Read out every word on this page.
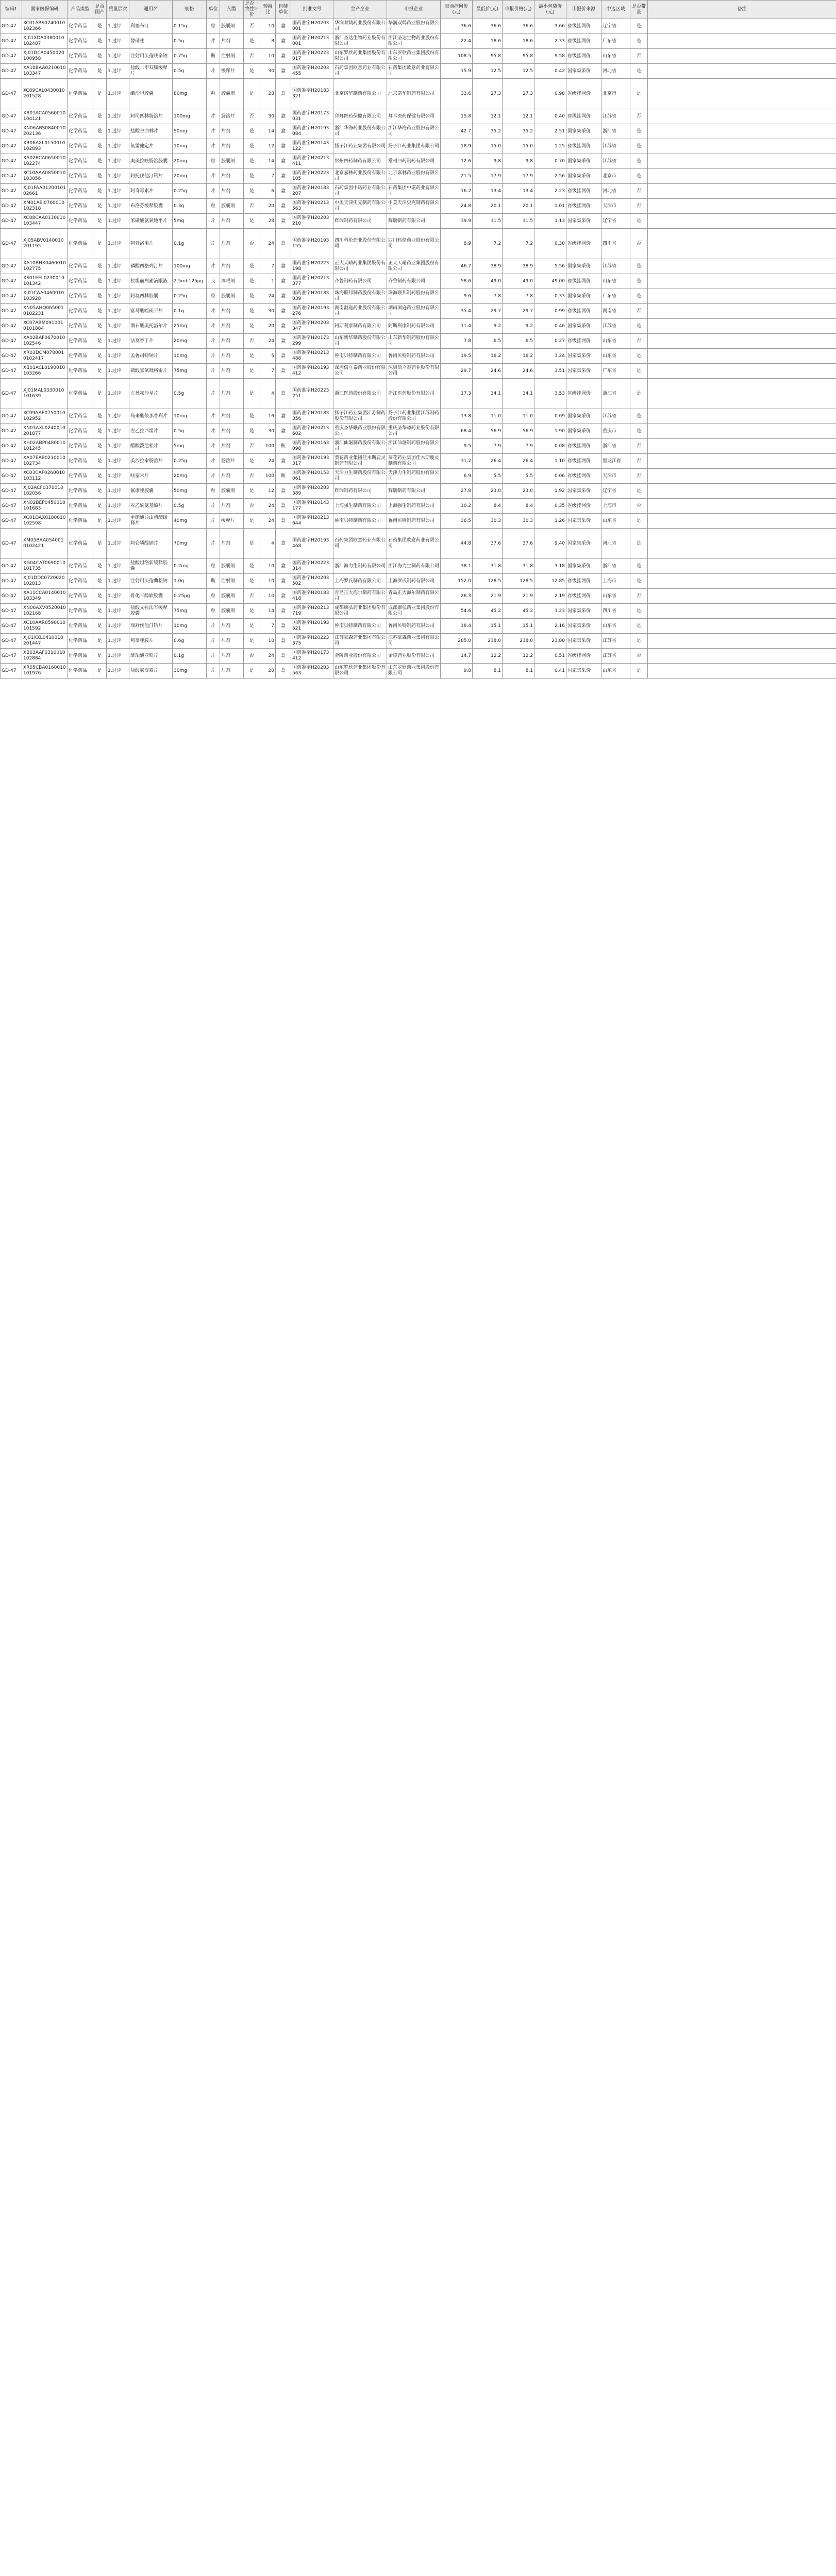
编码1	国家医保编码	产品类型	是否国产	质量层次	通用名	规格	单位	剂型	是否一致性评价	转换比	包装单位	批准文号	生产企业	申报企业	目前挂网价(元)	最低价(元)	申报价格(元)	最小包装价(元)	申报价来源	中选区域	是否带量	备注
GD-47	XC01ABS0740010102366	化学药品	是	1.过评	利福布汀	0.15g	粒	胶囊剂	否	10	盒	国药准字H20203001	华润双鹤药业股份有限公司	华润双鹤药业股份有限公司	36.6	36.6	36.6	3.66	省级挂网价	辽宁省	是	
GD-47	XJ01XDA0380010102487	化学药品	是	1.过评	替硝唑	0.5g	片	片剂	是	8	盒	国药准字H20213001	浙江圣达生物药业股份有限公司	浙江圣达生物药业股份有限公司	22.4	18.6	18.6	2.33	省级挂网价	广东省	是	
GD-47	XJ01DCA0450020100958	化学药品	是	1.过评	注射用头孢呋辛钠	0.75g	瓶	注射剂	否	10	盒	国药准字H20223017	山东罗欣药业集团股份有限公司	山东罗欣药业集团股份有限公司	108.5	95.8	95.8	9.58	省级挂网价	山东省	否	
GD-47	XA10BAA0210010103347	化学药品	是	1.过评	盐酸二甲双胍缓释片	0.5g	片	缓释片	是	30	盒	国药准字H20203455	石药集团欧意药业有限公司	石药集团欧意药业有限公司	15.9	12.5	12.5	0.42	国家集采价	河北省	是	
GD-47	XC09CAL0430010201528	化学药品	是	1.过评	缬沙坦胶囊	80mg	粒	胶囊剂	是	28	盒	国药准字H20183321	北京诺华制药有限公司	北京诺华制药有限公司	33.6	27.3	27.3	0.98	省级挂网价	北京市	是	
GD-47	XB01ACA0560010104121	化学药品	是	1.过评	阿司匹林肠溶片	100mg	片	肠溶片	否	30	盒	国药准字H20173031	拜耳医药保健有限公司	拜耳医药保健有限公司	15.8	12.1	12.1	0.40	省级挂网价	江苏省	否	
GD-47	XN06ABS0840010202136	化学药品	是	1.过评	盐酸舍曲林片	50mg	片	片剂	是	14	盒	国药准字H20193084	浙江华海药业股份有限公司	浙江华海药业股份有限公司	42.7	35.2	35.2	2.51	国家集采价	浙江省	是	
GD-47	XR06AXL0150010102893	化学药品	是	1.过评	氯雷他定片	10mg	片	片剂	是	12	盒	国药准字H20143122	扬子江药业集团有限公司	扬子江药业集团有限公司	18.9	15.0	15.0	1.25	省级挂网价	江苏省	是	
GD-47	XA02BCA0650010102274	化学药品	是	1.过评	奥美拉唑肠溶胶囊	20mg	粒	胶囊剂	是	14	盒	国药准字H20213411	常州四药制药有限公司	常州四药制药有限公司	12.6	9.8	9.8	0.70	国家集采价	江苏省	是	
GD-47	XC10AAA0850010103056	化学药品	是	1.过评	阿托伐他汀钙片	20mg	片	片剂	是	7	盒	国药准字H20223105	北京嘉林药业股份有限公司	北京嘉林药业股份有限公司	21.5	17.9	17.9	2.56	国家集采价	北京市	是	
GD-47	XJ01FAA0120010102661	化学药品	是	1.过评	阿奇霉素片	0.25g	片	片剂	是	6	盒	国药准字H20183207	石药集团中诺药业有限公司	石药集团中诺药业有限公司	16.2	13.4	13.4	2.23	省级挂网价	河北省	否	
GD-47	XM01AEI0700010102318	化学药品	是	1.过评	布洛芬缓释胶囊	0.3g	粒	胶囊剂	否	20	盒	国药准字H20213563	中美天津史克制药有限公司	中美天津史克制药有限公司	24.8	20.1	20.1	1.01	省级挂网价	天津市	否	
GD-47	XC08CAA0130010103447	化学药品	是	1.过评	苯磺酸氨氯地平片	5mg	片	片剂	是	28	盒	国药准字H20203210	辉瑞制药有限公司	辉瑞制药有限公司	39.9	31.5	31.5	1.13	国家集采价	辽宁省	是	
GD-47	XJ05ABV0140010201195	化学药品	是	1.过评	阿昔洛韦片	0.1g	片	片剂	否	24	盒	国药准字H20193155	四川科伦药业股份有限公司	四川科伦药业股份有限公司	8.9	7.2	7.2	0.30	省级挂网价	四川省	否	
GD-47	XA10BHX0460010102775	化学药品	是	1.过评	磷酸西格列汀片	100mg	片	片剂	是	7	盒	国药准字H20223198	正大天晴药业集团股份有限公司	正大天晴药业集团股份有限公司	46.7	38.9	38.9	5.56	国家集采价	江苏省	是	
GD-47	XS01EEL0230010101342	化学药品	是	1.过评	拉坦前列素滴眼液	2.5ml:125μg	支	滴眼剂	是	1	盒	国药准字H20213377	齐鲁制药有限公司	齐鲁制药有限公司	58.6	49.0	49.0	49.00	省级挂网价	山东省	是	
GD-47	XJ01CAA0460010103928	化学药品	是	1.过评	阿莫西林胶囊	0.25g	粒	胶囊剂	是	24	盒	国药准字H20183039	珠海联邦制药股份有限公司	珠海联邦制药股份有限公司	9.6	7.8	7.8	0.33	国家集采价	广东省	是	
GD-47	XN05AHQ0650010102231	化学药品	是	1.过评	富马酸喹硫平片	0.1g	片	片剂	是	30	盒	国药准字H20193276	湖南洞庭药业股份有限公司	湖南洞庭药业股份有限公司	35.4	29.7	29.7	0.99	省级挂网价	湖南省	否	
GD-47	XC07ABM0910010101884	化学药品	是	1.过评	酒石酸美托洛尔片	25mg	片	片剂	是	20	盒	国药准字H20203347	阿斯利康制药有限公司	阿斯利康制药有限公司	11.4	9.2	9.2	0.46	国家集采价	江苏省	是	
GD-47	XA02BAF0670010102546	化学药品	是	1.过评	法莫替丁片	20mg	片	片剂	否	24	盒	国药准字H20173299	山东新华制药股份有限公司	山东新华制药股份有限公司	7.8	6.5	6.5	0.27	省级挂网价	山东省	否	
GD-47	XR03DCM0780010102417	化学药品	是	1.过评	孟鲁司特钠片	10mg	片	片剂	是	5	盒	国药准字H20213488	鲁南贝特制药有限公司	鲁南贝特制药有限公司	19.5	16.2	16.2	3.24	国家集采价	山东省	是	
GD-47	XB01ACL0190010103266	化学药品	是	1.过评	硫酸氢氯吡格雷片	75mg	片	片剂	是	7	盒	国药准字H20193412	深圳信立泰药业股份有限公司	深圳信立泰药业股份有限公司	29.7	24.6	24.6	3.51	国家集采价	广东省	是	
GD-47	XJ01MAL0330010101639	化学药品	是	1.过评	左氧氟沙星片	0.5g	片	片剂	是	4	盒	国药准字H20223251	浙江医药股份有限公司	浙江医药股份有限公司	17.3	14.1	14.1	3.53	省级挂网价	浙江省	是	
GD-47	XC09AAE0750010102952	化学药品	是	1.过评	马来酸依那普利片	10mg	片	片剂	是	16	盒	国药准字H20183356	扬子江药业集团江苏制药股份有限公司	扬子江药业集团江苏制药股份有限公司	13.8	11.0	11.0	0.69	国家集采价	江苏省	是	
GD-47	XN03AXL0240010201877	化学药品	是	1.过评	左乙拉西坦片	0.5g	片	片剂	是	30	盒	国药准字H20213602	重庆圣华曦药业股份有限公司	重庆圣华曦药业股份有限公司	68.4	56.9	56.9	1.90	国家集采价	重庆市	是	
GD-47	XH02ABP0480010101245	化学药品	是	1.过评	醋酸泼尼松片	5mg	片	片剂	否	100	瓶	国药准字H20163098	浙江仙琚制药股份有限公司	浙江仙琚制药股份有限公司	9.5	7.9	7.9	0.08	省级挂网价	浙江省	否	
GD-47	XA07EAB0210010102734	化学药品	是	1.过评	美沙拉秦肠溶片	0.25g	片	肠溶片	是	24	盒	国药准字H20193317	葵花药业集团佳木斯鹿灵制药有限公司	葵花药业集团佳木斯鹿灵制药有限公司	31.2	26.4	26.4	1.10	省级挂网价	黑龙江省	否	
GD-47	XC03CAF0260010103112	化学药品	是	1.过评	呋塞米片	20mg	片	片剂	否	100	瓶	国药准字H20153061	天津力生制药股份有限公司	天津力生制药股份有限公司	6.9	5.5	5.5	0.06	省级挂网价	天津市	否	
GD-47	XJ02ACF0370010102056	化学药品	是	1.过评	氟康唑胶囊	50mg	粒	胶囊剂	是	12	盒	国药准字H20203389	辉瑞制药有限公司	辉瑞制药有限公司	27.8	23.0	23.0	1.92	国家集采价	辽宁省	是	
GD-47	XN02BEP0450010101683	化学药品	是	1.过评	对乙酰氨基酚片	0.5g	片	片剂	否	24	盒	国药准字H20143177	上海强生制药有限公司	上海强生制药有限公司	10.2	8.4	8.4	0.35	省级挂网价	上海市	否	
GD-47	XC01DAX0180010102598	化学药品	是	1.过评	单硝酸异山梨酯缓释片	40mg	片	缓释片	是	24	盒	国药准字H20213644	鲁南贝特制药有限公司	鲁南贝特制药有限公司	36.5	30.3	30.3	1.26	国家集采价	山东省	是	
GD-47	XM05BAA0540010102421	化学药品	是	1.过评	阿仑膦酸钠片	70mg	片	片剂	是	4	盒	国药准字H20193468	石药集团欧意药业有限公司	石药集团欧意药业有限公司	44.8	37.6	37.6	9.40	国家集采价	河北省	是	
GD-47	XG04CAT0690010101735	化学药品	是	1.过评	盐酸坦洛新缓释胶囊	0.2mg	粒	胶囊剂	是	10	盒	国药准字H20223314	浙江海力生制药有限公司	浙江海力生制药有限公司	38.1	31.8	31.8	3.18	国家集采价	浙江省	是	
GD-47	XJ01DDC0720020102813	化学药品	是	1.过评	注射用头孢曲松钠	1.0g	瓶	注射剂	是	10	盒	国药准字H20203502	上海罗氏制药有限公司	上海罗氏制药有限公司	152.0	128.5	128.5	12.85	省级挂网价	上海市	是	
GD-47	XA11CCA0140010103349	化学药品	是	1.过评	骨化三醇软胶囊	0.25μg	粒	胶囊剂	否	10	盒	国药准字H20183418	青岛正大海尔制药有限公司	青岛正大海尔制药有限公司	26.3	21.9	21.9	2.19	省级挂网价	山东省	否	
GD-47	XN06AXV0520010102168	化学药品	是	1.过评	盐酸文拉法辛缓释胶囊	75mg	粒	胶囊剂	是	14	盒	国药准字H20213719	成都康弘药业集团股份有限公司	成都康弘药业集团股份有限公司	54.6	45.2	45.2	3.23	国家集采价	四川省	是	
GD-47	XC10AAR0590010101592	化学药品	是	1.过评	瑞舒伐他汀钙片	10mg	片	片剂	是	7	盒	国药准字H20193521	鲁南贝特制药有限公司	鲁南贝特制药有限公司	18.4	15.1	15.1	2.16	国家集采价	山东省	是	
GD-47	XJ01XXL0410010201447	化学药品	是	1.过评	利奈唑胺片	0.6g	片	片剂	是	10	盒	国药准字H20223375	江苏豪森药业集团有限公司	江苏豪森药业集团有限公司	285.0	238.0	238.0	23.80	国家集采价	江苏省	是	
GD-47	XB03AAF0310010102884	化学药品	是	1.过评	琥珀酸亚铁片	0.1g	片	片剂	否	24	盒	国药准字H20173412	金陵药业股份有限公司	金陵药业股份有限公司	14.7	12.2	12.2	0.51	省级挂网价	江苏省	否	
GD-47	XR05CBA0160010101976	化学药品	是	1.过评	盐酸氨溴索片	30mg	片	片剂	是	20	盒	国药准字H20203563	山东罗欣药业集团股份有限公司	山东罗欣药业集团股份有限公司	9.8	8.1	8.1	0.41	国家集采价	山东省	是	
